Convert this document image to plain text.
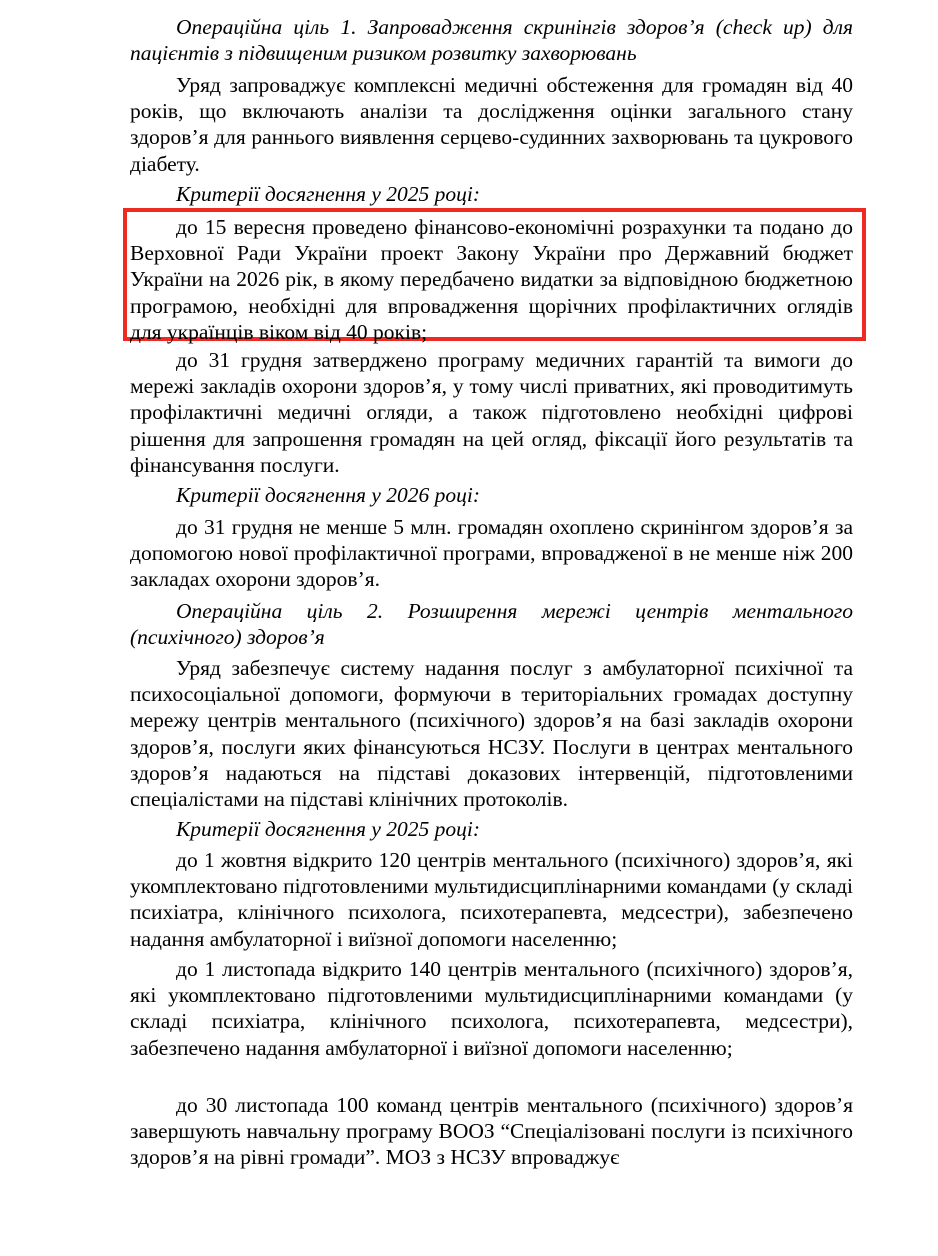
Операційна ціль 1. Запровадження скринінгів здоров’я (check up) для пацієнтів з підвищеним ризиком розвитку захворювань

Уряд запроваджує комплексні медичні обстеження для громадян від 40 років, що включають аналізи та дослідження оцінки загального стану здоров’я для раннього виявлення серцево-судинних захворювань та цукрового діабету.

Критерії досягнення у 2025 році:

до 15 вересня проведено фінансово-економічні розрахунки та подано до Верховної Ради України проект Закону України про Державний бюджет України на 2026 рік, в якому передбачено видатки за відповідною бюджетною програмою, необхідні для впровадження щорічних профілактичних оглядів для українців віком від 40 років;

до 31 грудня затверджено програму медичних гарантій та вимоги до мережі закладів охорони здоров’я, у тому числі приватних, які проводитимуть профілактичні медичні огляди, а також підготовлено необхідні цифрові рішення для запрошення громадян на цей огляд, фіксації його результатів та фінансування послуги.

Критерії досягнення у 2026 році:

до 31 грудня не менше 5 млн. громадян охоплено скринінгом здоров’я за допомогою нової профілактичної програми, впровадженої в не менше ніж 200 закладах охорони здоров’я.

Операційна ціль 2. Розширення мережі центрів ментального (психічного) здоров’я

Уряд забезпечує систему надання послуг з амбулаторної психічної та психосоціальної допомоги, формуючи в територіальних громадах доступну мережу центрів ментального (психічного) здоров’я на базі закладів охорони здоров’я, послуги яких фінансуються НСЗУ. Послуги в центрах ментального здоров’я надаються на підставі доказових інтервенцій, підготовленими спеціалістами на підставі клінічних протоколів.

Критерії досягнення у 2025 році:

до 1 жовтня відкрито 120 центрів ментального (психічного) здоров’я, які укомплектовано підготовленими мультидисциплінарними командами (у складі психіатра, клінічного психолога, психотерапевта, медсестри), забезпечено надання амбулаторної і виїзної допомоги населенню;

до 1 листопада відкрито 140 центрів ментального (психічного) здоров’я, які укомплектовано підготовленими мультидисциплінарними командами (у складі психіатра, клінічного психолога, психотерапевта, медсестри), забезпечено надання амбулаторної і виїзної допомоги населенню;

до 30 листопада 100 команд центрів ментального (психічного) здоров’я завершують навчальну програму ВООЗ “Спеціалізовані послуги із психічного здоров’я на рівні громади”. МОЗ з НСЗУ впроваджує
